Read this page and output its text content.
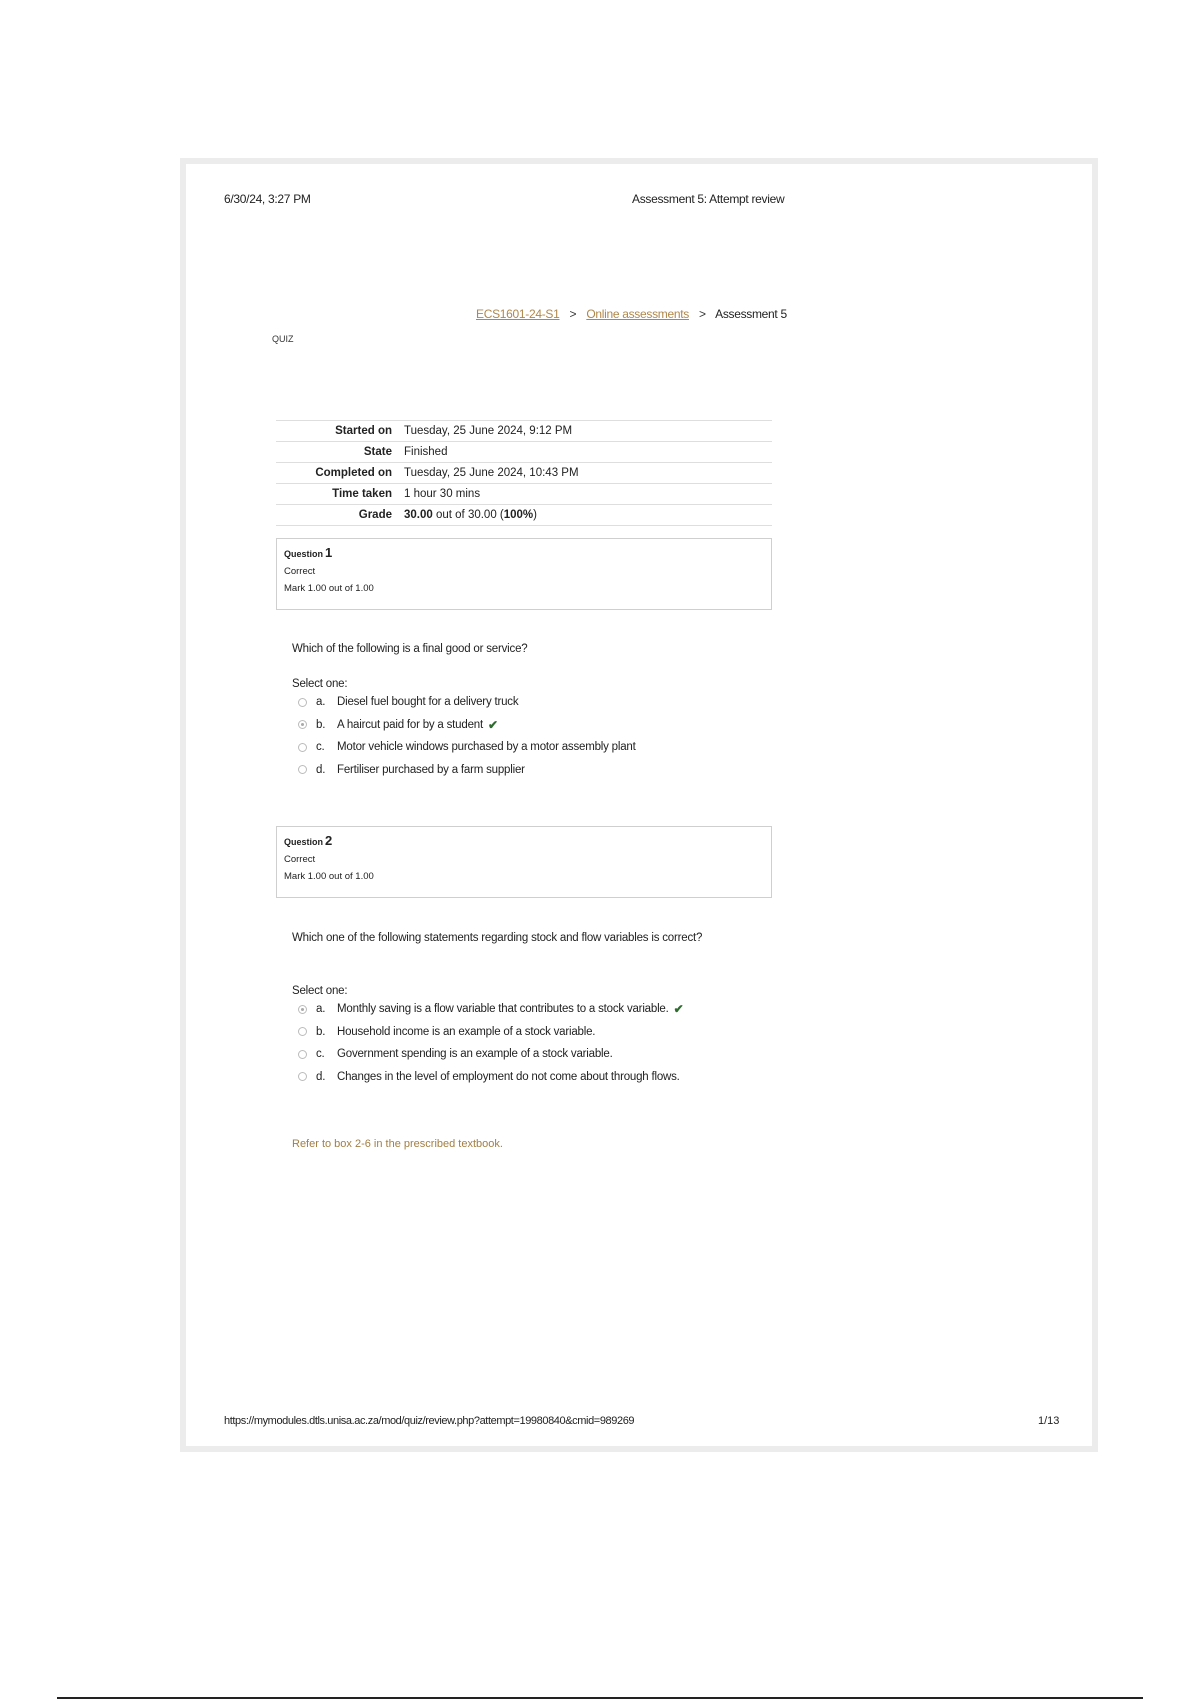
6/30/24, 3:27 PM	Assessment 5: Attempt review
ECS1601-24-S1 > Online assessments > Assessment 5
QUIZ
Started on	Tuesday, 25 June 2024, 9:12 PM
State	Finished
Completed on	Tuesday, 25 June 2024, 10:43 PM
Time taken	1 hour 30 mins
Grade	30.00 out of 30.00 (100%)
Question 1
Correct
Mark 1.00 out of 1.00
Which of the following is a final good or service?
Select one:
a.	Diesel fuel bought for a delivery truck
b.	A haircut paid for by a student ✔
c.	Motor vehicle windows purchased by a motor assembly plant
d.	Fertiliser purchased by a farm supplier
Question 2
Correct
Mark 1.00 out of 1.00
Which one of the following statements regarding stock and flow variables is correct?
Select one:
a.	Monthly saving is a flow variable that contributes to a stock variable. ✔
b.	Household income is an example of a stock variable.
c.	Government spending is an example of a stock variable.
d.	Changes in the level of employment do not come about through flows.
Refer to box 2-6 in the prescribed textbook.
https://mymodules.dtls.unisa.ac.za/mod/quiz/review.php?attempt=19980840&cmid=989269	1/13
